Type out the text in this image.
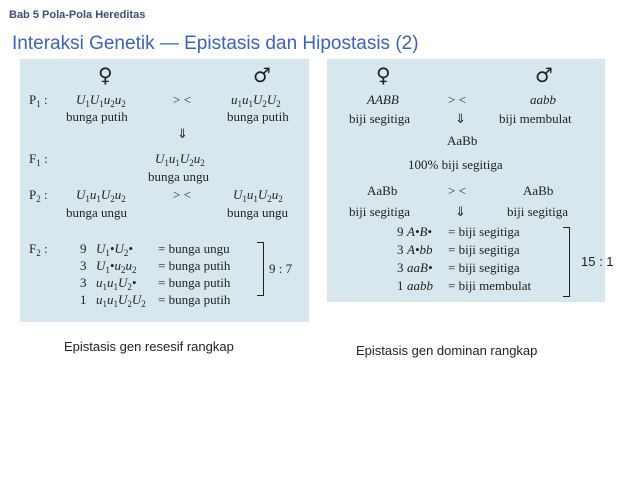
Bab 5 Pola-Pola Hereditas
Interaksi Genetik — Epistasis dan Hipostasis (2)
♀	♂
$P_1$ : $U_1U_1u_2u_2$	> <	$u_1u_1U_2U_2$
bunga putih	bunga putih
⇓
$F_1$ :	$U_1u_1U_2u_2$
bunga ungu
$P_2$ : $U_1u_1U_2u_2$	> <	$U_1u_1U_2u_2$
bunga ungu	bunga ungu
$F_2$ : 9 $U_1•U_2•$ = bunga ungu
3 $U_1•u_2u_2$ = bunga putih
3 $u_1u_1U_2•$ = bunga putih
1 $u_1u_1U_2U_2$ = bunga putih
9 : 7
♀	♂
AABB	> <	aabb
biji segitiga	⇓	biji membulat
AaBb
100% biji segitiga
AaBb	> <	AaBb
biji segitiga	⇓	biji segitiga
9 A•B• = biji segitiga
3 A•bb = biji segitiga
3 aaB• = biji segitiga
1 aabb = biji membulat
15 : 1
Epistasis gen resesif rangkap	Epistasis gen dominan rangkap
